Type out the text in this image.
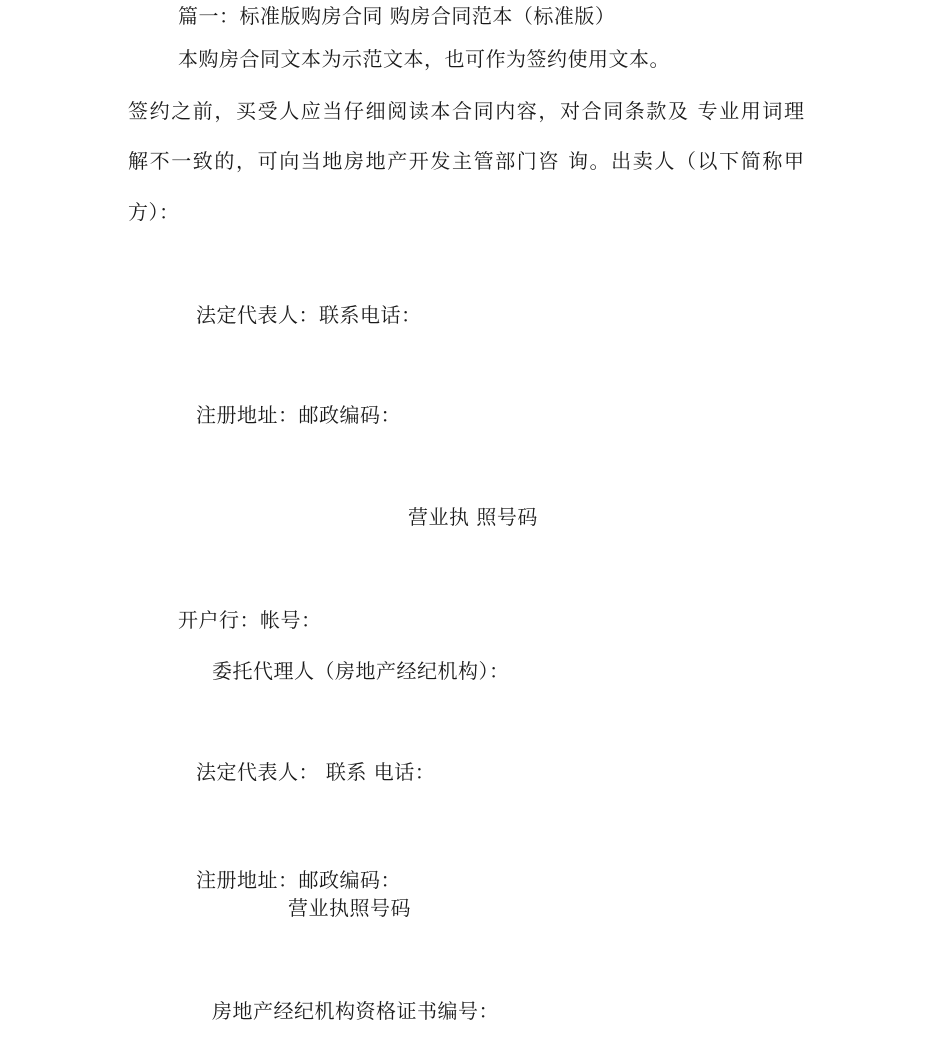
篇一：标准版购房合同 购房合同范本（标准版）

本购房合同文本为示范文本，也可作为签约使用文本。

签约之前，买受人应当仔细阅读本合同内容，对合同条款及 专业用词理

解不一致的，可向当地房地产开发主管部门咨 询。出卖人（以下简称甲

方）：

法定代表人：联系电话：

注册地址：邮政编码：

营业执 照号码

开户行：帐号：

委托代理人（房地产经纪机构）：

法定代表人： 联系 电话：

注册地址：邮政编码：

营业执照号码

房地产经纪机构资格证书编号：
